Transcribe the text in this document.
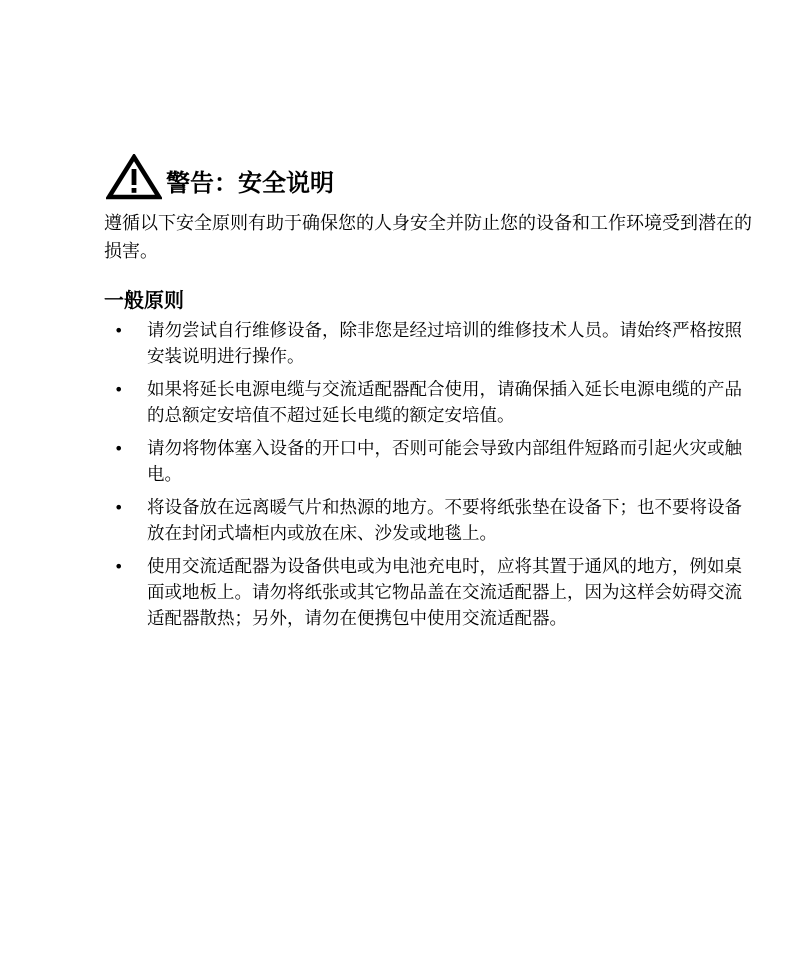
警告：安全说明

遵循以下安全原则有助于确保您的人身安全并防止您的设备和工作环境受到潜在的损害。

一般原则
• 请勿尝试自行维修设备，除非您是经过培训的维修技术人员。请始终严格按照安装说明进行操作。
• 如果将延长电源电缆与交流适配器配合使用，请确保插入延长电源电缆的产品的总额定安培值不超过延长电缆的额定安培值。
• 请勿将物体塞入设备的开口中，否则可能会导致内部组件短路而引起火灾或触电。
• 将设备放在远离暖气片和热源的地方。不要将纸张垫在设备下；也不要将设备放在封闭式墙柜内或放在床、沙发或地毯上。
• 使用交流适配器为设备供电或为电池充电时，应将其置于通风的地方，例如桌面或地板上。请勿将纸张或其它物品盖在交流适配器上，因为这样会妨碍交流适配器散热；另外，请勿在便携包中使用交流适配器。
